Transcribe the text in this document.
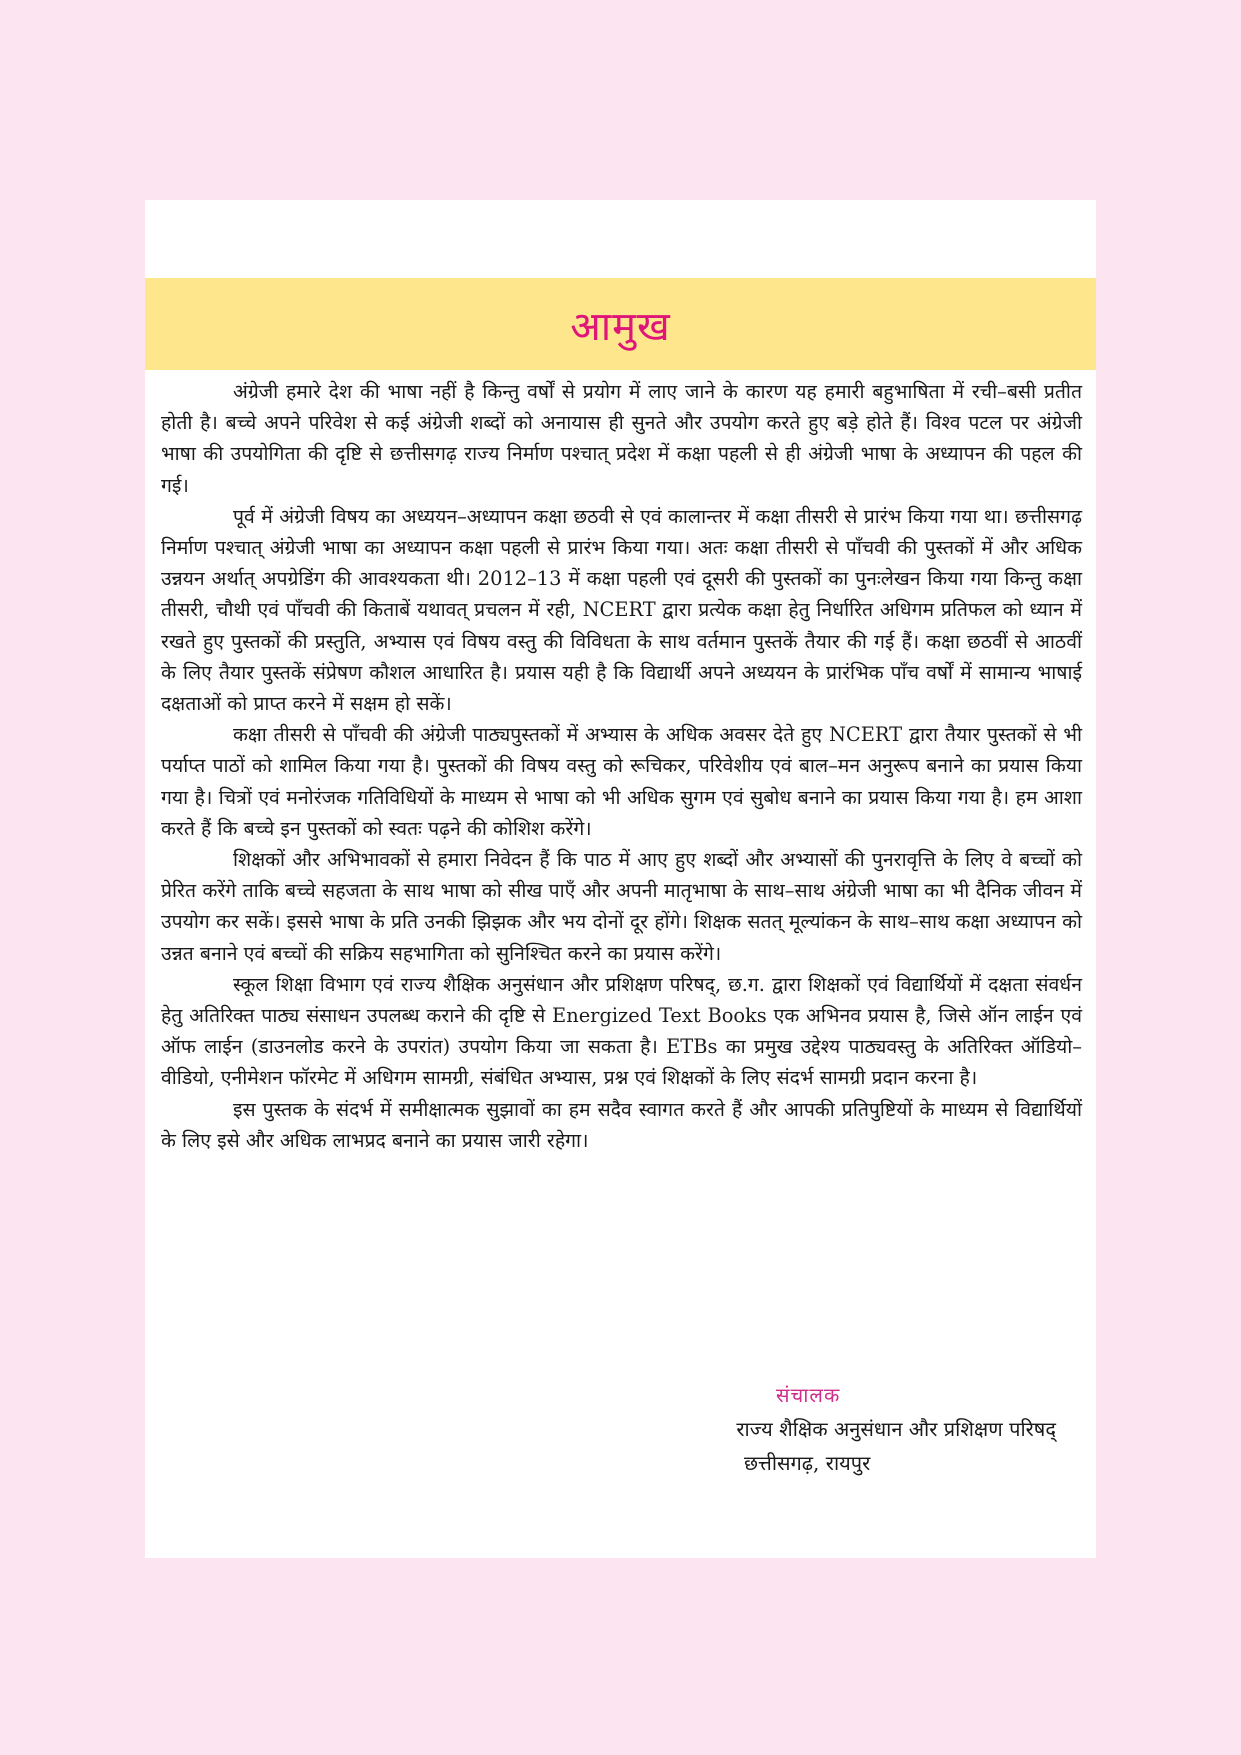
आमुख

अंग्रेजी हमारे देश की भाषा नहीं है किन्तु वर्षों से प्रयोग में लाए जाने के कारण यह हमारी बहुभाषिता में रची–बसी प्रतीत होती है। बच्चे अपने परिवेश से कई अंग्रेजी शब्दों को अनायास ही सुनते और उपयोग करते हुए बड़े होते हैं। विश्व पटल पर अंग्रेजी भाषा की उपयोगिता की दृष्टि से छत्तीसगढ़ राज्य निर्माण पश्चात् प्रदेश में कक्षा पहली से ही अंग्रेजी भाषा के अध्यापन की पहल की गई।

पूर्व में अंग्रेजी विषय का अध्ययन–अध्यापन कक्षा छठवी से एवं कालान्तर में कक्षा तीसरी से प्रारंभ किया गया था। छत्तीसगढ़ निर्माण पश्चात् अंग्रेजी भाषा का अध्यापन कक्षा पहली से प्रारंभ किया गया। अतः कक्षा तीसरी से पाँचवी की पुस्तकों में और अधिक उन्नयन अर्थात् अपग्रेडिंग की आवश्यकता थी। 2012–13 में कक्षा पहली एवं दूसरी की पुस्तकों का पुनःलेखन किया गया किन्तु कक्षा तीसरी, चौथी एवं पाँचवी की किताबें यथावत् प्रचलन में रही, NCERT द्वारा प्रत्येक कक्षा हेतु निर्धारित अधिगम प्रतिफल को ध्यान में रखते हुए पुस्तकों की प्रस्तुति, अभ्यास एवं विषय वस्तु की विविधता के साथ वर्तमान पुस्तकें तैयार की गई हैं। कक्षा छठवीं से आठवीं के लिए तैयार पुस्तकें संप्रेषण कौशल आधारित है। प्रयास यही है कि विद्यार्थी अपने अध्ययन के प्रारंभिक पाँच वर्षों में सामान्य भाषाई दक्षताओं को प्राप्त करने में सक्षम हो सकें।

कक्षा तीसरी से पाँचवी की अंग्रेजी पाठ्यपुस्तकों में अभ्यास के अधिक अवसर देते हुए NCERT द्वारा तैयार पुस्तकों से भी पर्याप्त पाठों को शामिल किया गया है। पुस्तकों की विषय वस्तु को रूचिकर, परिवेशीय एवं बाल–मन अनुरूप बनाने का प्रयास किया गया है। चित्रों एवं मनोरंजक गतिविधियों के माध्यम से भाषा को भी अधिक सुगम एवं सुबोध बनाने का प्रयास किया गया है। हम आशा करते हैं कि बच्चे इन पुस्तकों को स्वतः पढ़ने की कोशिश करेंगे।

शिक्षकों और अभिभावकों से हमारा निवेदन हैं कि पाठ में आए हुए शब्दों और अभ्यासों की पुनरावृत्ति के लिए वे बच्चों को प्रेरित करेंगे ताकि बच्चे सहजता के साथ भाषा को सीख पाएँ और अपनी मातृभाषा के साथ–साथ अंग्रेजी भाषा का भी दैनिक जीवन में उपयोग कर सकें। इससे भाषा के प्रति उनकी झिझक और भय दोनों दूर होंगे। शिक्षक सतत् मूल्यांकन के साथ–साथ कक्षा अध्यापन को उन्नत बनाने एवं बच्चों की सक्रिय सहभागिता को सुनिश्चित करने का प्रयास करेंगे।

स्कूल शिक्षा विभाग एवं राज्य शैक्षिक अनुसंधान और प्रशिक्षण परिषद्, छ.ग. द्वारा शिक्षकों एवं विद्यार्थियों में दक्षता संवर्धन हेतु अतिरिक्त पाठ्य संसाधन उपलब्ध कराने की दृष्टि से Energized Text Books एक अभिनव प्रयास है, जिसे ऑन लाईन एवं ऑफ लाईन (डाउनलोड करने के उपरांत) उपयोग किया जा सकता है। ETBs का प्रमुख उद्देश्य पाठ्यवस्तु के अतिरिक्त ऑडियो–वीडियो, एनीमेशन फॉरमेट में अधिगम सामग्री, संबंधित अभ्यास, प्रश्न एवं शिक्षकों के लिए संदर्भ सामग्री प्रदान करना है।

इस पुस्तक के संदर्भ में समीक्षात्मक सुझावों का हम सदैव स्वागत करते हैं और आपकी प्रतिपुष्टियों के माध्यम से विद्यार्थियों के लिए इसे और अधिक लाभप्रद बनाने का प्रयास जारी रहेगा।

संचालक
राज्य शैक्षिक अनुसंधान और प्रशिक्षण परिषद्
छत्तीसगढ़, रायपुर
